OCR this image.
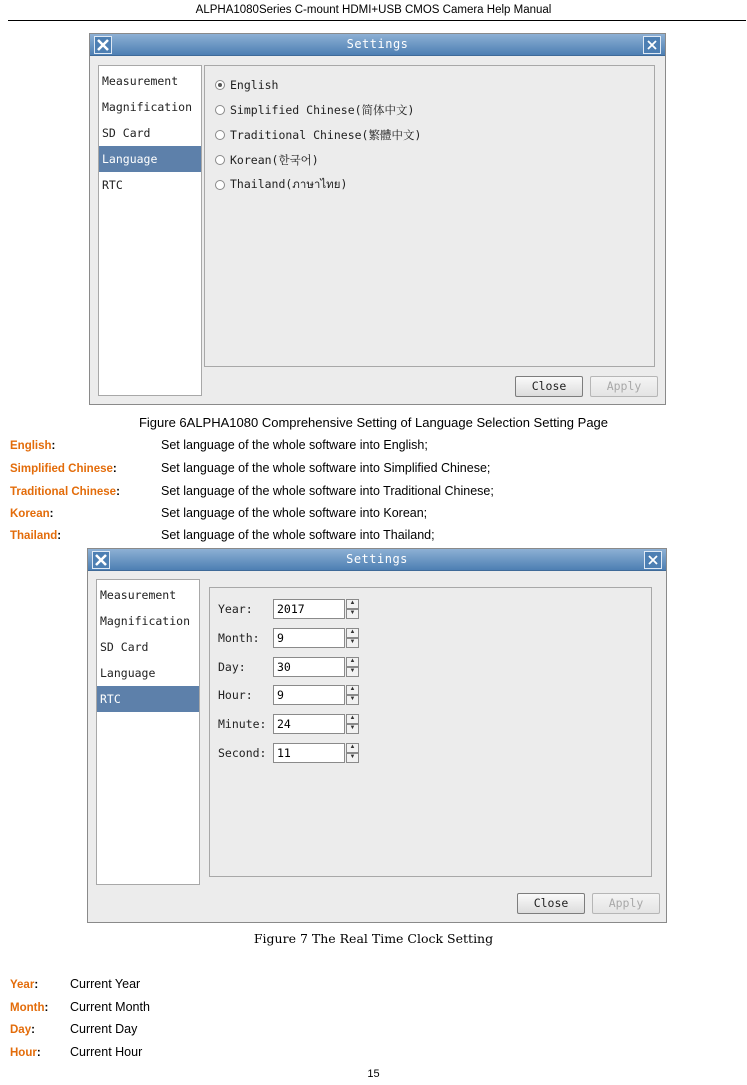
ALPHA1080Series C-mount HDMI+USB CMOS Camera Help Manual
Settings
Measurement
Magnification
SD Card
Language
RTC
English
Simplified Chinese(简体中文)
Traditional Chinese(繁體中文)
Korean(한국어)
Thailand(ภาษาไทย)
Close	Apply
Figure 6ALPHA1080 Comprehensive Setting of Language Selection Setting Page
English:	Set language of the whole software into English;
Simplified Chinese:	Set language of the whole software into Simplified Chinese;
Traditional Chinese:	Set language of the whole software into Traditional Chinese;
Korean:	Set language of the whole software into Korean;
Thailand:	Set language of the whole software into Thailand;
Settings
Measurement
Magnification
SD Card
Language
RTC
Year:	2017	▲
▼
Month:	9	▲
▼
Day:	30	▲
▼
Hour:	9	▲
▼
Minute: 24	▲
▼
Second: 11	▲
▼
Close	Apply
Figure 7 The Real Time Clock Setting
Year:	Current Year
Month: Current Month
Day:	Current Day
Hour: Current Hour
15
